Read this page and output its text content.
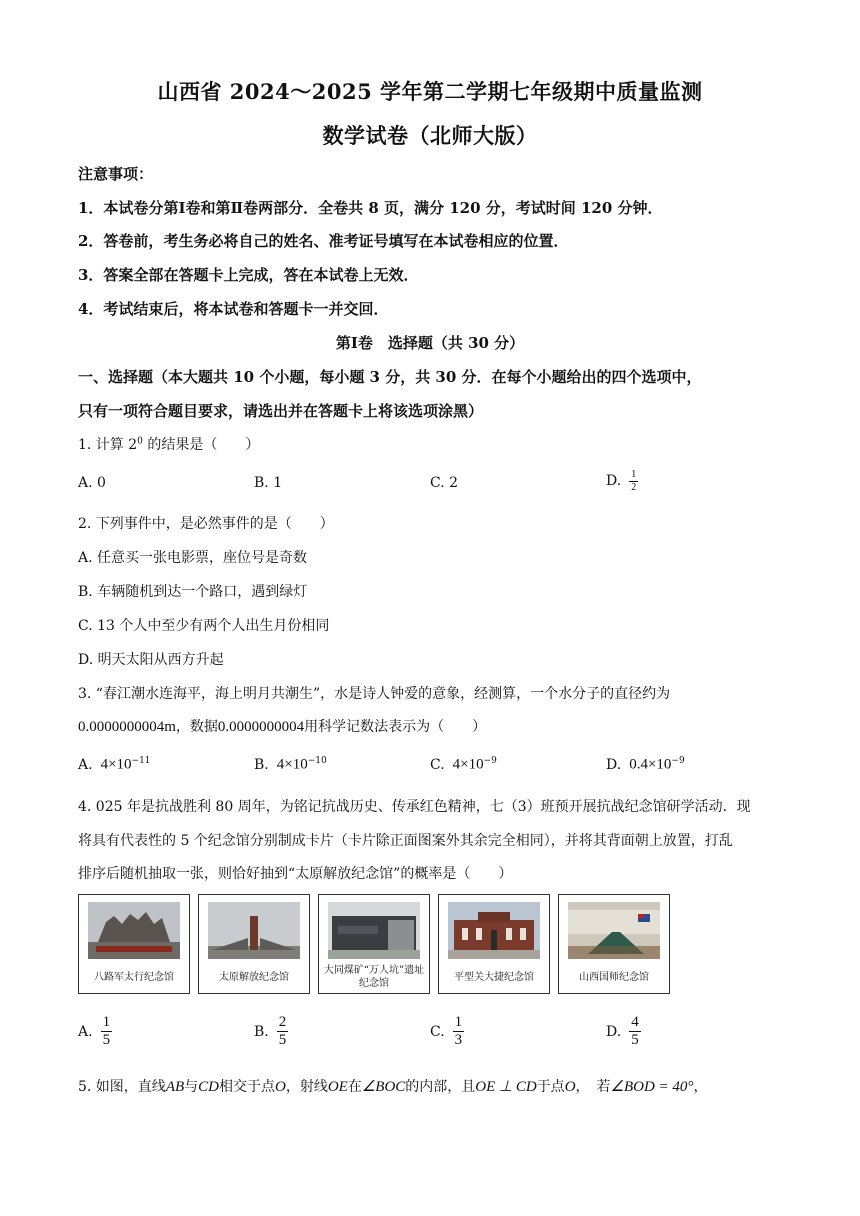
山西省 2024～2025 学年第二学期七年级期中质量监测
数学试卷（北师大版）
注意事项：
1．本试卷分第Ⅰ卷和第Ⅱ卷两部分．全卷共 8 页，满分 120 分，考试时间 120 分钟．
2．答卷前，考生务必将自己的姓名、准考证号填写在本试卷相应的位置．
3．答案全部在答题卡上完成，答在本试卷上无效．
4．考试结束后，将本试卷和答题卡一并交回．
第Ⅰ卷　选择题（共 30 分）
一、选择题（本大题共 10 个小题，每小题 3 分，共 30 分．在每个小题给出的四个选项中，
只有一项符合题目要求，请选出并在答题卡上将该选项涂黑）
1. 计算 $2^0$ 的结果是（　　）
A. 0	B. 1	C. 2	D. $\frac{1}{2}$
2. 下列事件中，是必然事件的是（　　）
A. 任意买一张电影票，座位号是奇数
B. 车辆随机到达一个路口，遇到绿灯
C. 13 个人中至少有两个人出生月份相同
D. 明天太阳从西方升起
3. “春江潮水连海平，海上明月共潮生”，水是诗人钟爱的意象，经测算，一个水分子的直径约为
0.0000000004m，数据0.0000000004用科学记数法表示为（　　）
A. $4\times 10^{-11}$	B. $4\times 10^{-10}$	C. $4\times 10^{-9}$	D. $0.4\times 10^{-9}$
4. 025 年是抗战胜利 80 周年，为铭记抗战历史、传承红色精神，七（3）班预开展抗战纪念馆研学活动．现
将具有代表性的 5 个纪念馆分别制成卡片（卡片除正面图案外其余完全相同），并将其背面朝上放置，打乱
排序后随机抽取一张，则恰好抽到“太原解放纪念馆”的概率是（　　）
八路军太行纪念馆	太原解放纪念馆
大同煤矿“万人坑”遗址纪念馆
平型关大捷纪念馆	山西国师纪念馆
A. $\frac{1}{5}$	B. $\frac{2}{5}$	C. $\frac{1}{3}$	D. $\frac{4}{5}$
5. 如图，直线AB与CD相交于点O，射线OE在∠BOC的内部，且OE ⊥ CD于点O，　若∠BOD = 40°，
